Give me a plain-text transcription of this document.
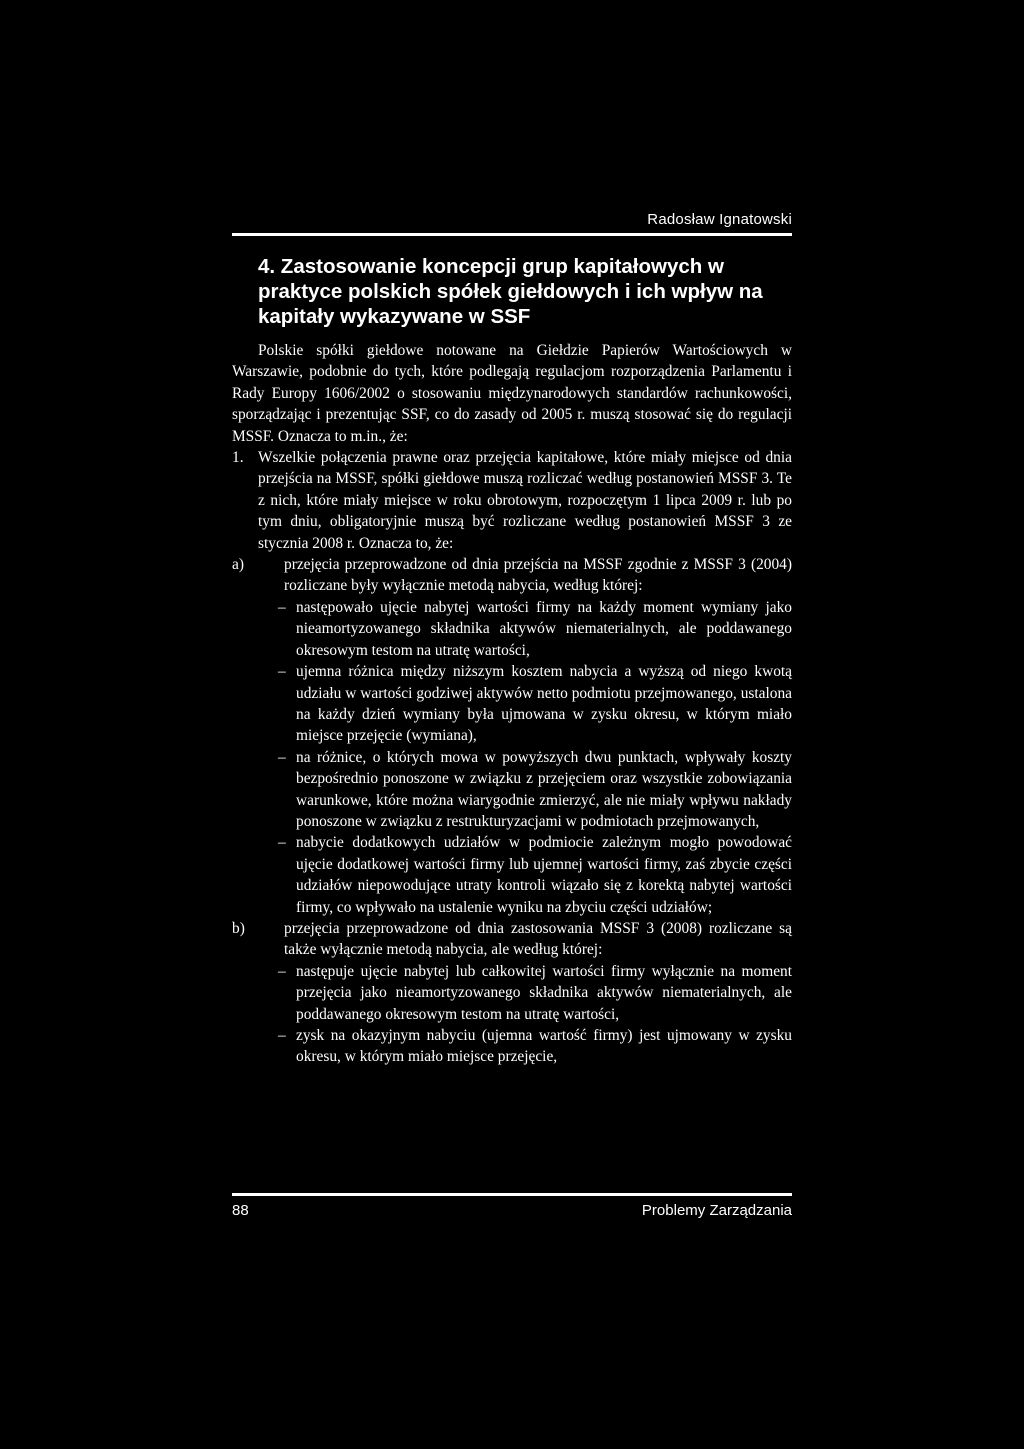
Radosław Ignatowski
4. Zastosowanie koncepcji grup kapitałowych w praktyce polskich spółek giełdowych i ich wpływ na kapitały wykazywane w SSF

Polskie spółki giełdowe notowane na Giełdzie Papierów Wartościowych w Warszawie, podobnie do tych, które podlegają regulacjom rozporządzenia Parlamentu i Rady Europy 1606/2002 o stosowaniu międzynarodowych standardów rachunkowości, sporządzając i prezentując SSF, co do zasady od 2005 r. muszą stosować się do regulacji MSSF. Oznacza to m.in., że:

1. Wszelkie połączenia prawne oraz przejęcia kapitałowe, które miały miejsce od dnia przejścia na MSSF, spółki giełdowe muszą rozliczać według postanowień MSSF 3. Te z nich, które miały miejsce w roku obrotowym, rozpoczętym 1 lipca 2009 r. lub po tym dniu, obligatoryjnie muszą być rozliczane według postanowień MSSF 3 ze stycznia 2008 r. Oznacza to, że:
a)	przejęcia przeprowadzone od dnia przejścia na MSSF zgodnie z MSSF 3 (2004) rozliczane były wyłącznie metodą nabycia, według której:
– następowało ujęcie nabytej wartości firmy na każdy moment wymiany jako nieamortyzowanego składnika aktywów niematerialnych, ale poddawanego okresowym testom na utratę wartości,
– ujemna różnica między niższym kosztem nabycia a wyższą od niego kwotą udziału w wartości godziwej aktywów netto podmiotu przejmowanego, ustalona na każdy dzień wymiany była ujmowana w zysku okresu, w którym miało miejsce przejęcie (wymiana),
– na różnice, o których mowa w powyższych dwu punktach, wpływały koszty bezpośrednio ponoszone w związku z przejęciem oraz wszystkie zobowiązania warunkowe, które można wiarygodnie zmierzyć, ale nie miały wpływu nakłady ponoszone w związku z restrukturyzacjami w podmiotach przejmowanych,
– nabycie dodatkowych udziałów w podmiocie zależnym mogło powodować ujęcie dodatkowej wartości firmy lub ujemnej wartości firmy, zaś zbycie części udziałów niepowodujące utraty kontroli wiązało się z korektą nabytej wartości firmy, co wpływało na ustalenie wyniku na zbyciu części udziałów;
b)	przejęcia przeprowadzone od dnia zastosowania MSSF 3 (2008) rozliczane są także wyłącznie metodą nabycia, ale według której:
– następuje ujęcie nabytej lub całkowitej wartości firmy wyłącznie na moment przejęcia jako nieamortyzowanego składnika aktywów niematerialnych, ale poddawanego okresowym testom na utratę wartości,
– zysk na okazyjnym nabyciu (ujemna wartość firmy) jest ujmowany w zysku okresu, w którym miało miejsce przejęcie,
88	Problemy Zarządzania
